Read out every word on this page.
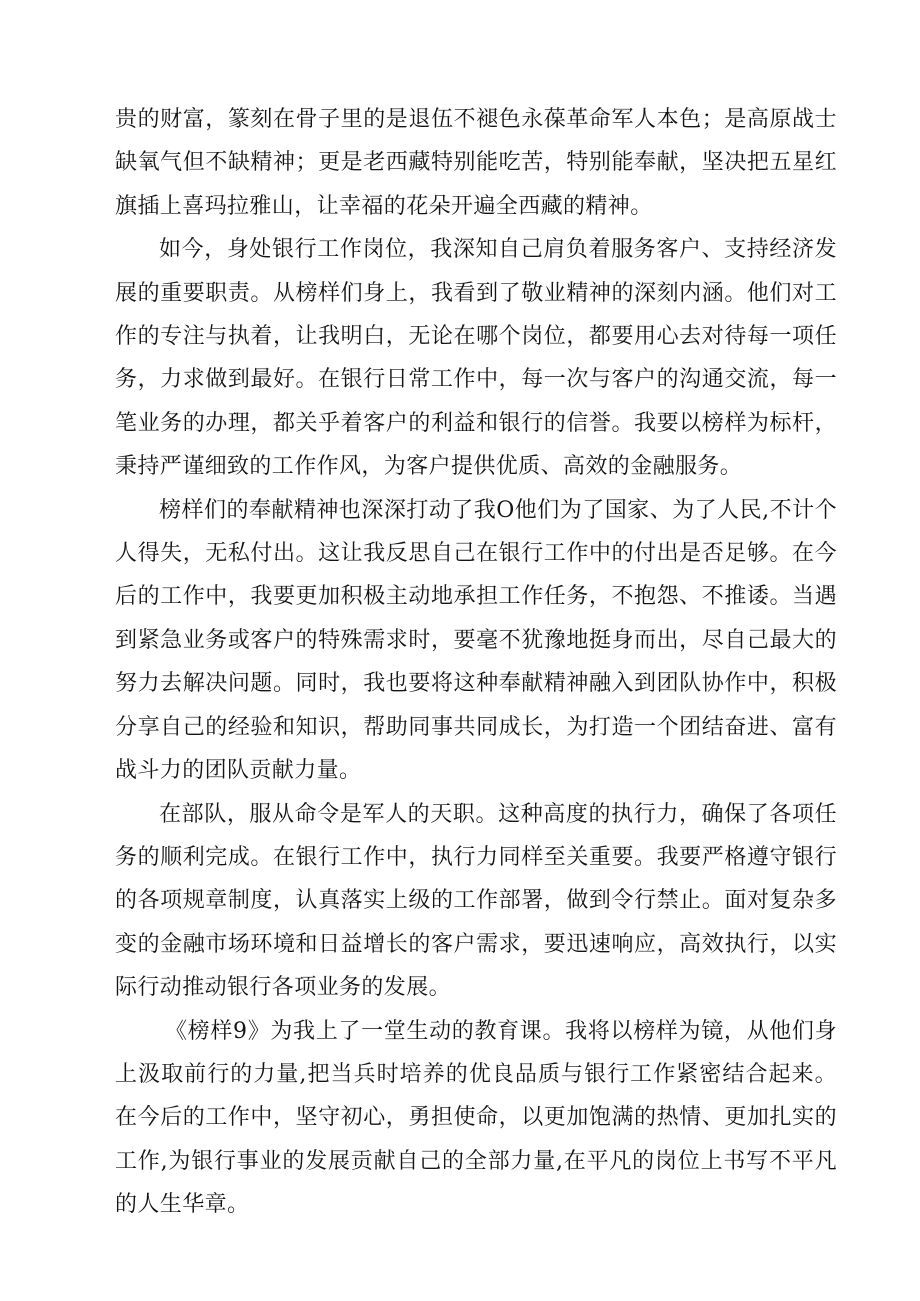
贵的财富，篆刻在骨子里的是退伍不褪色永葆革命军人本色；是高原战士缺氧气但不缺精神；更是老西藏特别能吃苦，特别能奉献，坚决把五星红旗插上喜玛拉雅山，让幸福的花朵开遍全西藏的精神。

如今，身处银行工作岗位，我深知自己肩负着服务客户、支持经济发展的重要职责。从榜样们身上，我看到了敬业精神的深刻内涵。他们对工作的专注与执着，让我明白，无论在哪个岗位，都要用心去对待每一项任务，力求做到最好。在银行日常工作中，每一次与客户的沟通交流，每一笔业务的办理，都关乎着客户的利益和银行的信誉。我要以榜样为标杆，秉持严谨细致的工作作风，为客户提供优质、高效的金融服务。

榜样们的奉献精神也深深打动了我O他们为了国家、为了人民,不计个人得失，无私付出。这让我反思自己在银行工作中的付出是否足够。在今后的工作中，我要更加积极主动地承担工作任务，不抱怨、不推诿。当遇到紧急业务或客户的特殊需求时，要毫不犹豫地挺身而出，尽自己最大的努力去解决问题。同时，我也要将这种奉献精神融入到团队协作中，积极分享自己的经验和知识，帮助同事共同成长，为打造一个团结奋进、富有战斗力的团队贡献力量。

在部队，服从命令是军人的天职。这种高度的执行力，确保了各项任务的顺利完成。在银行工作中，执行力同样至关重要。我要严格遵守银行的各项规章制度，认真落实上级的工作部署，做到令行禁止。面对复杂多变的金融市场环境和日益增长的客户需求，要迅速响应，高效执行，以实际行动推动银行各项业务的发展。

《榜样9》为我上了一堂生动的教育课。我将以榜样为镜，从他们身上汲取前行的力量,把当兵时培养的优良品质与银行工作紧密结合起来。在今后的工作中，坚守初心，勇担使命，以更加饱满的热情、更加扎实的工作,为银行事业的发展贡献自己的全部力量,在平凡的岗位上书写不平凡的人生华章。
